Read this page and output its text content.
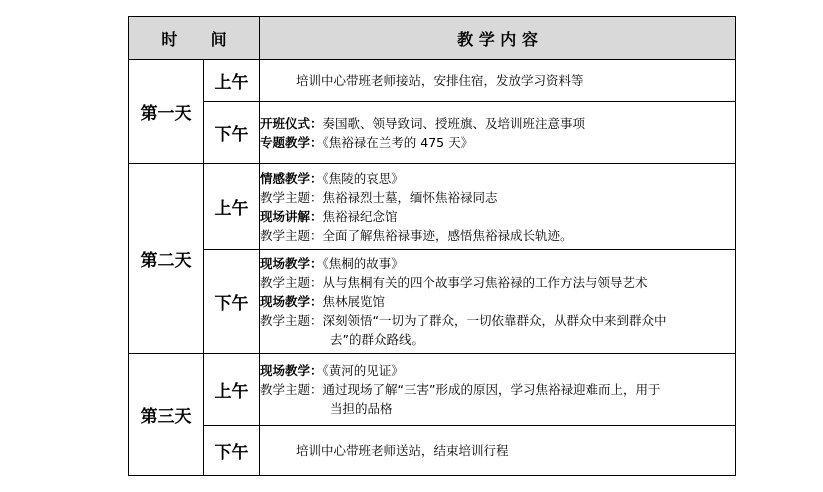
时 间		教 学 内 容
第一天	上午	培训中心带班老师接站，安排住宿，发放学习资料等
	下午	开班仪式：奏国歌、领导致词、授班旗、及培训班注意事项
专题教学：《焦裕禄在兰考的 475 天》

第二天	上午	情感教学：《焦陵的哀思》
教学主题：焦裕禄烈士墓，缅怀焦裕禄同志
现场讲解：焦裕禄纪念馆
教学主题：全面了解焦裕禄事迹，感悟焦裕禄成长轨迹。

	下午	现场教学：《焦桐的故事》
教学主题：从与焦桐有关的四个故事学习焦裕禄的工作方法与领导艺术
现场教学：焦林展览馆
教学主题：深刻领悟“一切为了群众，一切依靠群众，从群众中来到群众中
去”的群众路线。

第三天	上午	现场教学：《黄河的见证》
教学主题：通过现场了解“三害”形成的原因，学习焦裕禄迎难而上，用于
当担的品格

	下午	培训中心带班老师送站，结束培训行程
